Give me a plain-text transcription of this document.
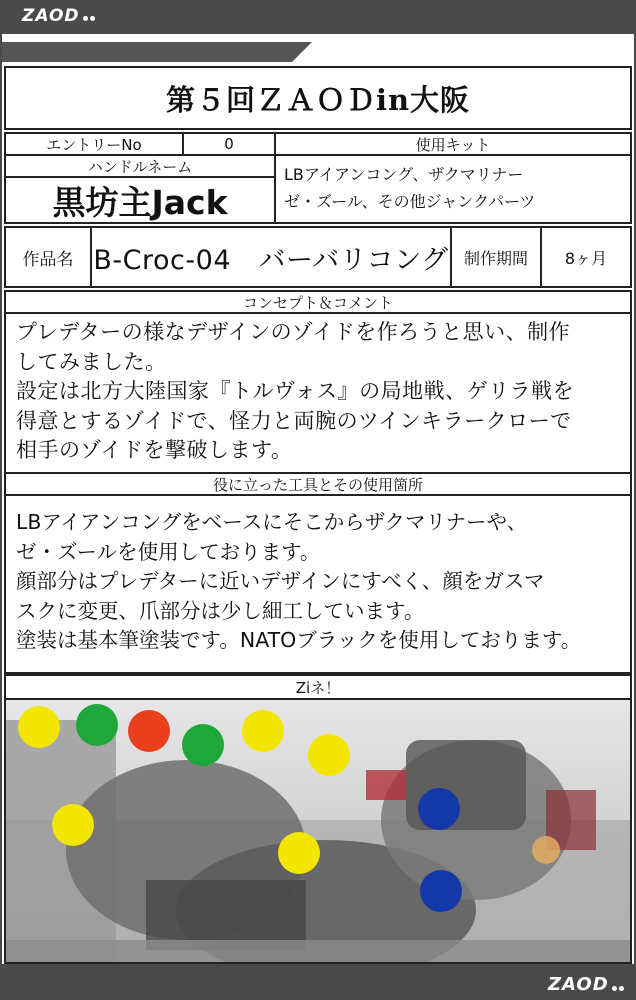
ZAOD
第５回ＺＡＯＤin大阪
エントリーNo	0	使用キット
ハンドルネーム
黒坊主Jack
LBアイアンコング、ザクマリナー
ゼ・ズール、その他ジャンクパーツ
作品名 B-Croc-04　バーバリコング 制作期間 8ヶ月
コンセプト＆コメント
プレデターの様なデザインのゾイドを作ろうと思い、制作
してみました。
設定は北方大陸国家『トルヴォス』の局地戦、ゲリラ戦を
得意とするゾイドで、怪力と両腕のツインキラークローで
相手のゾイドを撃破します。
役に立った工具とその使用箇所
LBアイアンコングをベースにそこからザクマリナーや、
ゼ・ズールを使用しております。
顔部分はプレデターに近いデザインにすべく、顔をガスマ
スクに変更、爪部分は少し細工しています。
塗装は基本筆塗装です。NATOブラックを使用しております。
Ziネ！
ZAOD
